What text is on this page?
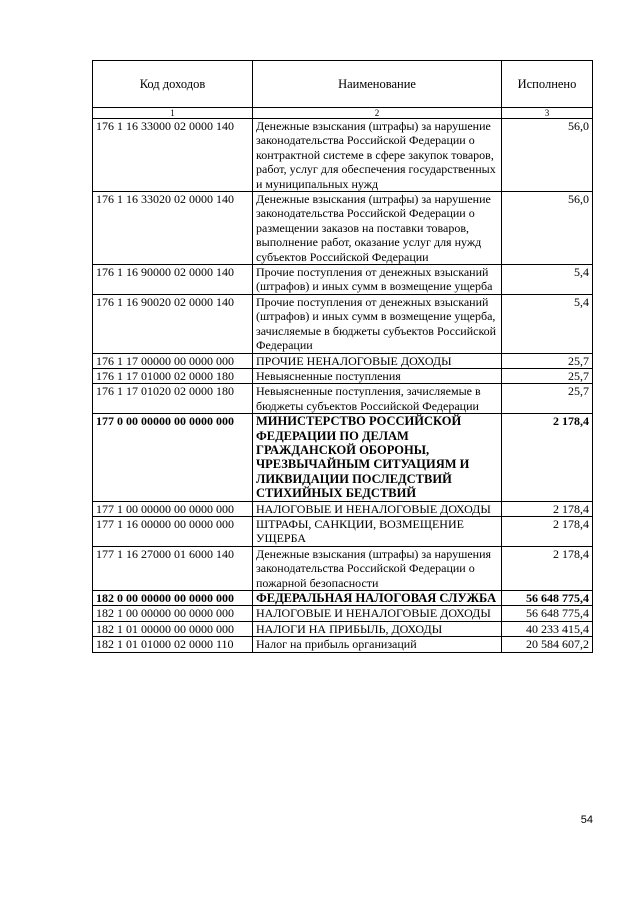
Код доходов	Наименование	Исполнено
1	2	3
176 1 16 33000 02 0000 140	Денежные взыскания (штрафы) за нарушение законодательства Российской Федерации о контрактной системе в сфере закупок товаров, работ, услуг для обеспечения государственных и муниципальных нужд	56,0
176 1 16 33020 02 0000 140	Денежные взыскания (штрафы) за нарушение законодательства Российской Федерации о размещении заказов на поставки товаров, выполнение работ, оказание услуг для нужд субъектов Российской Федерации	56,0
176 1 16 90000 02 0000 140	Прочие поступления от денежных взысканий (штрафов) и иных сумм в возмещение ущерба	5,4
176 1 16 90020 02 0000 140	Прочие поступления от денежных взысканий (штрафов) и иных сумм в возмещение ущерба, зачисляемые в бюджеты субъектов Российской Федерации	5,4
176 1 17 00000 00 0000 000	ПРОЧИЕ НЕНАЛОГОВЫЕ ДОХОДЫ	25,7
176 1 17 01000 02 0000 180	Невыясненные поступления	25,7
176 1 17 01020 02 0000 180	Невыясненные поступления, зачисляемые в бюджеты субъектов Российской Федерации	25,7
177 0 00 00000 00 0000 000	МИНИСТЕРСТВО РОССИЙСКОЙ ФЕДЕРАЦИИ ПО ДЕЛАМ ГРАЖДАНСКОЙ ОБОРОНЫ, ЧРЕЗВЫЧАЙНЫМ СИТУАЦИЯМ И ЛИКВИДАЦИИ ПОСЛЕДСТВИЙ СТИХИЙНЫХ БЕДСТВИЙ	2 178,4
177 1 00 00000 00 0000 000	НАЛОГОВЫЕ И НЕНАЛОГОВЫЕ ДОХОДЫ	2 178,4
177 1 16 00000 00 0000 000	ШТРАФЫ, САНКЦИИ, ВОЗМЕЩЕНИЕ УЩЕРБА	2 178,4
177 1 16 27000 01 6000 140	Денежные взыскания (штрафы) за нарушения законодательства Российской Федерации о пожарной безопасности	2 178,4
182 0 00 00000 00 0000 000	ФЕДЕРАЛЬНАЯ НАЛОГОВАЯ СЛУЖБА	56 648 775,4
182 1 00 00000 00 0000 000	НАЛОГОВЫЕ И НЕНАЛОГОВЫЕ ДОХОДЫ	56 648 775,4
182 1 01 00000 00 0000 000	НАЛОГИ НА ПРИБЫЛЬ, ДОХОДЫ	40 233 415,4
182 1 01 01000 02 0000 110	Налог на прибыль организаций	20 584 607,2
54
